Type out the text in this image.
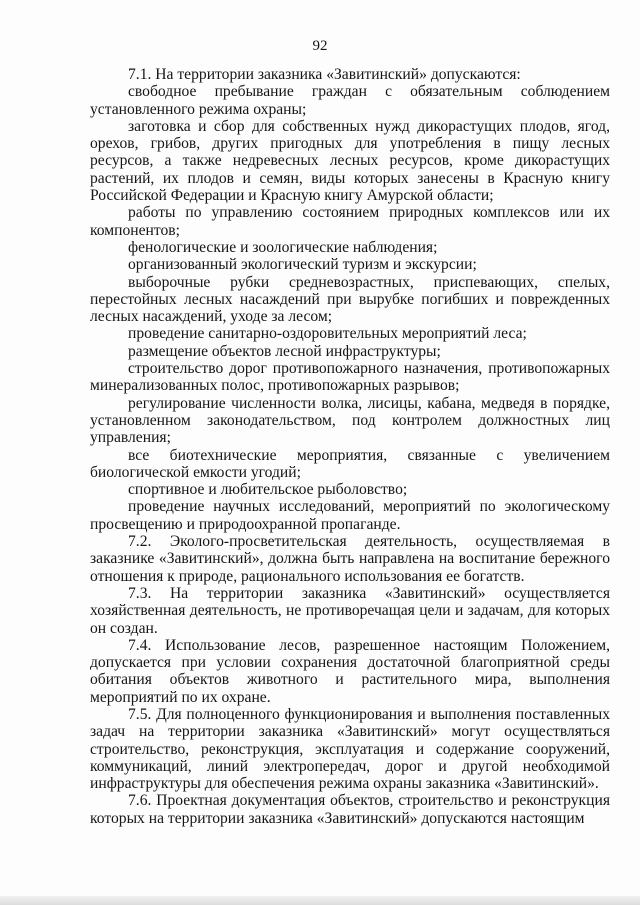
92

7.1. На территории заказника «Завитинский» допускаются:

свободное пребывание граждан с обязательным соблюдением установленного режима охраны;

заготовка и сбор для собственных нужд дикорастущих плодов, ягод, орехов, грибов, других пригодных для употребления в пищу лесных ресурсов, а также недревесных лесных ресурсов, кроме дикорастущих растений, их плодов и семян, виды которых занесены в Красную книгу Российской Федерации и Красную книгу Амурской области;

работы по управлению состоянием природных комплексов или их компонентов;

фенологические и зоологические наблюдения;

организованный экологический туризм и экскурсии;

выборочные рубки средневозрастных, приспевающих, спелых, перестойных лесных насаждений при вырубке погибших и поврежденных лесных насаждений, уходе за лесом;

проведение санитарно-оздоровительных мероприятий леса;

размещение объектов лесной инфраструктуры;

строительство дорог противопожарного назначения, противопожарных минерализованных полос, противопожарных разрывов;

регулирование численности волка, лисицы, кабана, медведя в порядке, установленном законодательством, под контролем должностных лиц управления;

все биотехнические мероприятия, связанные с увеличением биологической емкости угодий;

спортивное и любительское рыболовство;

проведение научных исследований, мероприятий по экологическому просвещению и природоохранной пропаганде.

7.2. Эколого-просветительская деятельность, осуществляемая в заказнике «Завитинский», должна быть направлена на воспитание бережного отношения к природе, рационального использования ее богатств.

7.3. На территории заказника «Завитинский» осуществляется хозяйственная деятельность, не противоречащая цели и задачам, для которых он создан.

7.4. Использование лесов, разрешенное настоящим Положением, допускается при условии сохранения достаточной благоприятной среды обитания объектов животного и растительного мира, выполнения мероприятий по их охране.

7.5. Для полноценного функционирования и выполнения поставленных задач на территории заказника «Завитинский» могут осуществляться строительство, реконструкция, эксплуатация и содержание сооружений, коммуникаций, линий электропередач, дорог и другой необходимой инфраструктуры для обеспечения режима охраны заказника «Завитинский».

7.6. Проектная документация объектов, строительство и реконструкция которых на территории заказника «Завитинский» допускаются настоящим
